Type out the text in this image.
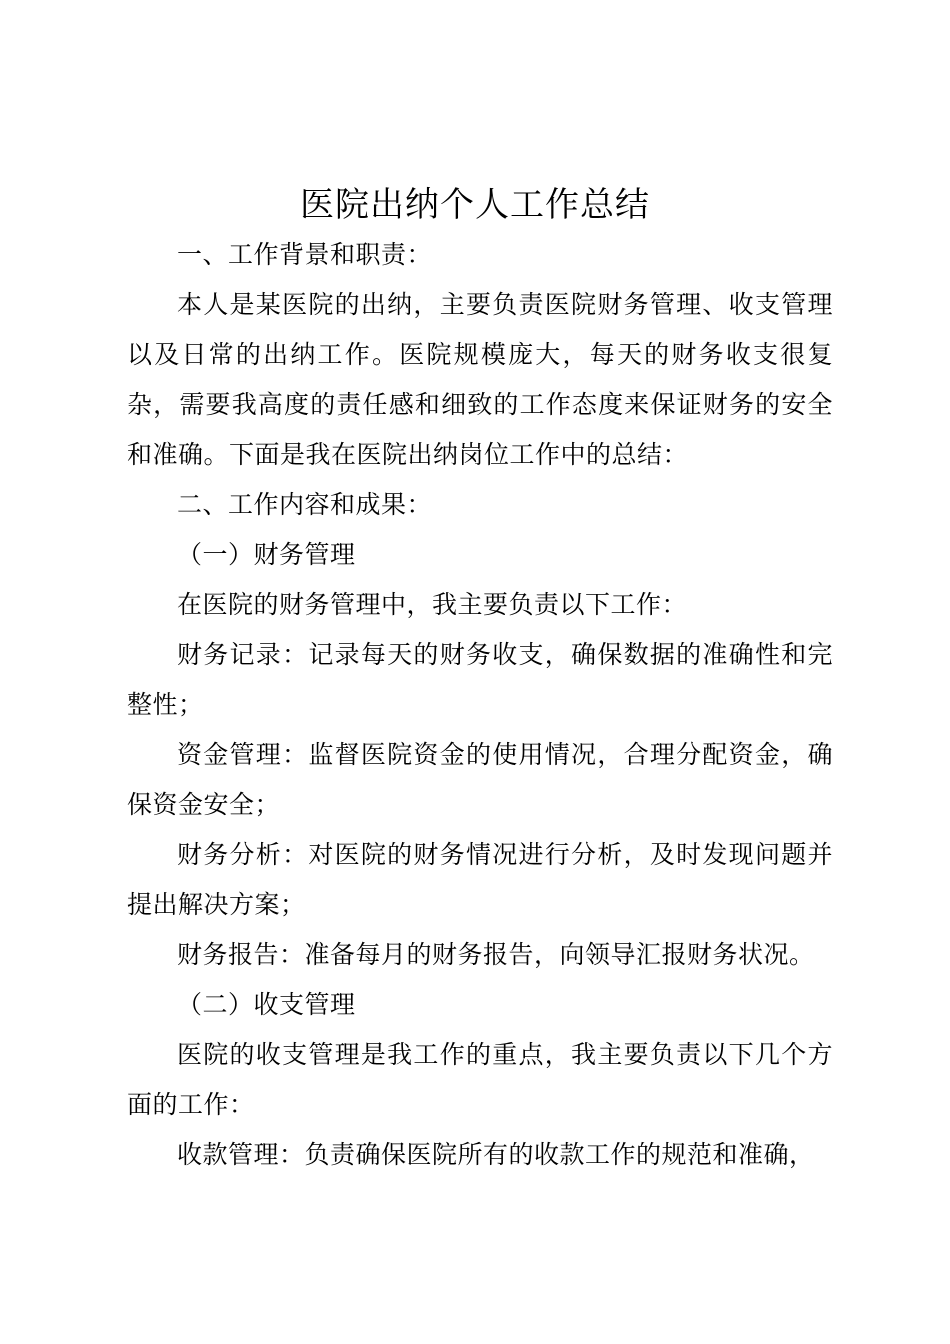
医院出纳个人工作总结

一、工作背景和职责：

本人是某医院的出纳，主要负责医院财务管理、收支管理以及日常的出纳工作。医院规模庞大，每天的财务收支很复杂，需要我高度的责任感和细致的工作态度来保证财务的安全和准确。下面是我在医院出纳岗位工作中的总结：

二、工作内容和成果：

（一）财务管理

在医院的财务管理中，我主要负责以下工作：

财务记录：记录每天的财务收支，确保数据的准确性和完整性；

资金管理：监督医院资金的使用情况，合理分配资金，确保资金安全；

财务分析：对医院的财务情况进行分析，及时发现问题并提出解决方案；

财务报告：准备每月的财务报告，向领导汇报财务状况。

（二）收支管理

医院的收支管理是我工作的重点，我主要负责以下几个方面的工作：

收款管理：负责确保医院所有的收款工作的规范和准确，
